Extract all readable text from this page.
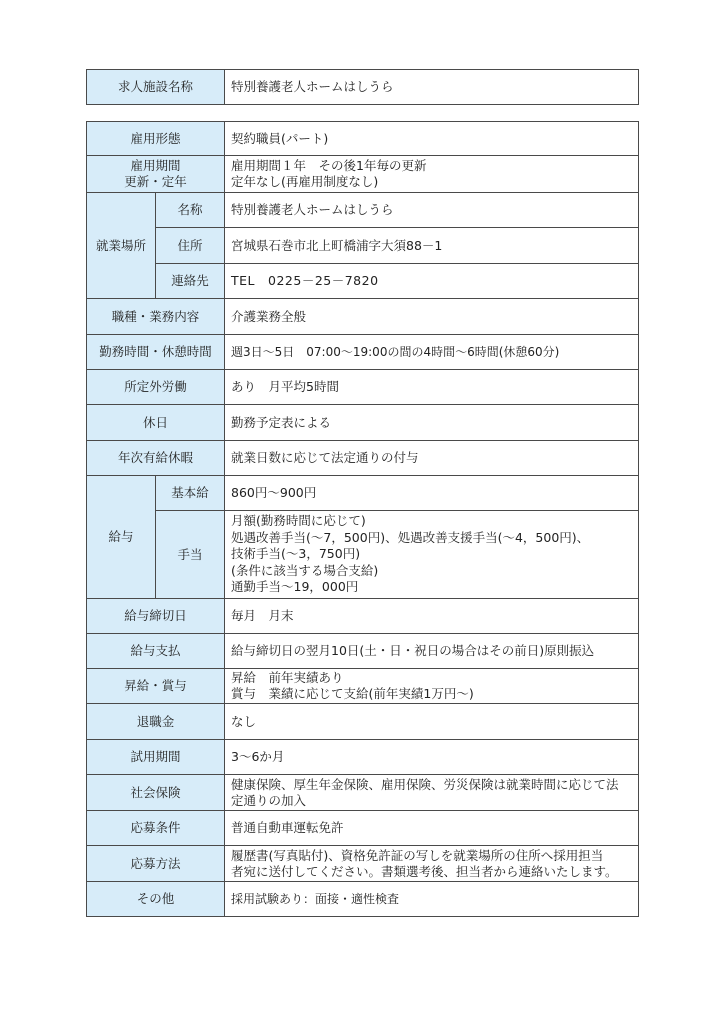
求人施設名称	特別養護老人ホームはしうら
雇用形態		契約職員(パート)

雇用期間
更新・定年		雇用期間１年　その後1年毎の更新
定年なし(再雇用制度なし)

就業場所	名称	特別養護老人ホームはしうら
	住所	宮城県石巻市北上町橋浦字大須88－1
	連絡先	TEL　0225－25－7820
職種・業務内容		介護業務全般
勤務時間・休憩時間		週3日～5日　07:00～19:00の間の4時間～6時間(休憩60分)
所定外労働		あり　月平均5時間
休日		勤務予定表による
年次有給休暇		就業日数に応じて法定通りの付与
給与	基本給	860円～900円
	手当	月額(勤務時間に応じて)
処遇改善手当(～7，500円)、処遇改善支援手当(～4，500円)、
技術手当(～3，750円)
(条件に該当する場合支給)
通勤手当～19，000円

給与締切日		毎月　月末
給与支払		給与締切日の翌月10日(土・日・祝日の場合はその前日)原則振込
昇給・賞与		昇給　前年実績あり
賞与　業績に応じて支給(前年実績1万円～)

退職金		なし
試用期間		3～6か月
社会保険		健康保険、厚生年金保険、雇用保険、労災保険は就業時間に応じて法
定通りの加入

応募条件		普通自動車運転免許
応募方法		履歴書(写真貼付)、資格免許証の写しを就業場所の住所へ採用担当
者宛に送付してください。書類選考後、担当者から連絡いたします。

その他		採用試験あり：面接・適性検査
